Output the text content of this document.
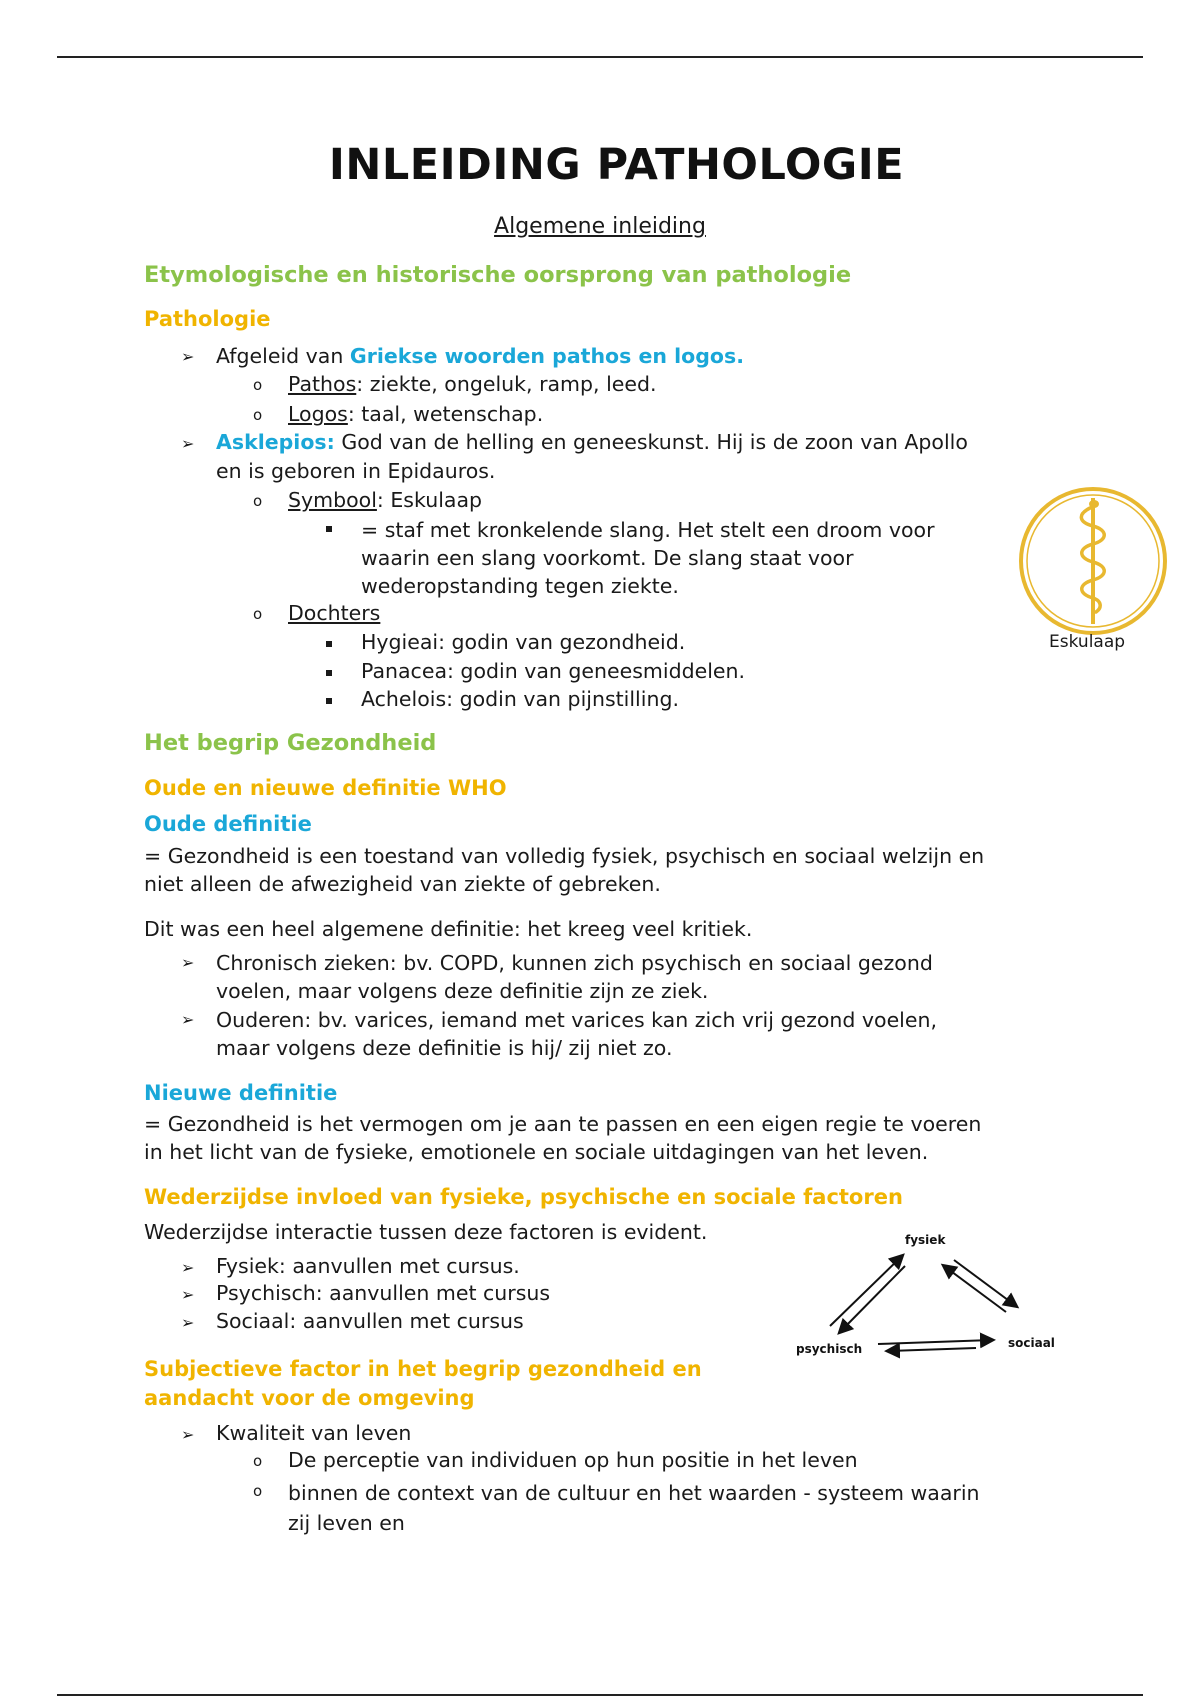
INLEIDING PATHOLOGIE
Algemene inleiding
Etymologische en historische oorsprong van pathologie
Pathologie
➢ Afgeleid van Griekse woorden pathos en logos.
o Pathos: ziekte, ongeluk, ramp, leed.
o Logos: taal, wetenschap.
➢ Asklepios: God van de helling en geneeskunst. Hij is de zoon van Apollo
en is geboren in Epidauros.
o Symbool: Eskulaap
= staf met kronkelende slang. Het stelt een droom voor
waarin een slang voorkomt. De slang staat voor
wederopstanding tegen ziekte.
o Dochters
Hygieai: godin van gezondheid.
Panacea: godin van geneesmiddelen.
Achelois: godin van pijnstilling.
Eskulaap
Het begrip Gezondheid
Oude en nieuwe definitie WHO
Oude definitie
= Gezondheid is een toestand van volledig fysiek, psychisch en sociaal welzijn en
niet alleen de afwezigheid van ziekte of gebreken.
Dit was een heel algemene definitie: het kreeg veel kritiek.
➢ Chronisch zieken: bv. COPD, kunnen zich psychisch en sociaal gezond
voelen, maar volgens deze definitie zijn ze ziek.
➢ Ouderen: bv. varices, iemand met varices kan zich vrij gezond voelen,
maar volgens deze definitie is hij/ zij niet zo.
Nieuwe definitie
= Gezondheid is het vermogen om je aan te passen en een eigen regie te voeren
in het licht van de fysieke, emotionele en sociale uitdagingen van het leven.
Wederzijdse invloed van fysieke, psychische en sociale factoren
Wederzijdse interactie tussen deze factoren is evident.
➢ Fysiek: aanvullen met cursus.
➢ Psychisch: aanvullen met cursus
➢ Sociaal: aanvullen met cursus
fysiek
psychisch	sociaal
Subjectieve factor in het begrip gezondheid en
aandacht voor de omgeving
➢ Kwaliteit van leven
o De perceptie van individuen op hun positie in het leven
o binnen de context van de cultuur en het waarden - systeem waarin
zij leven en
